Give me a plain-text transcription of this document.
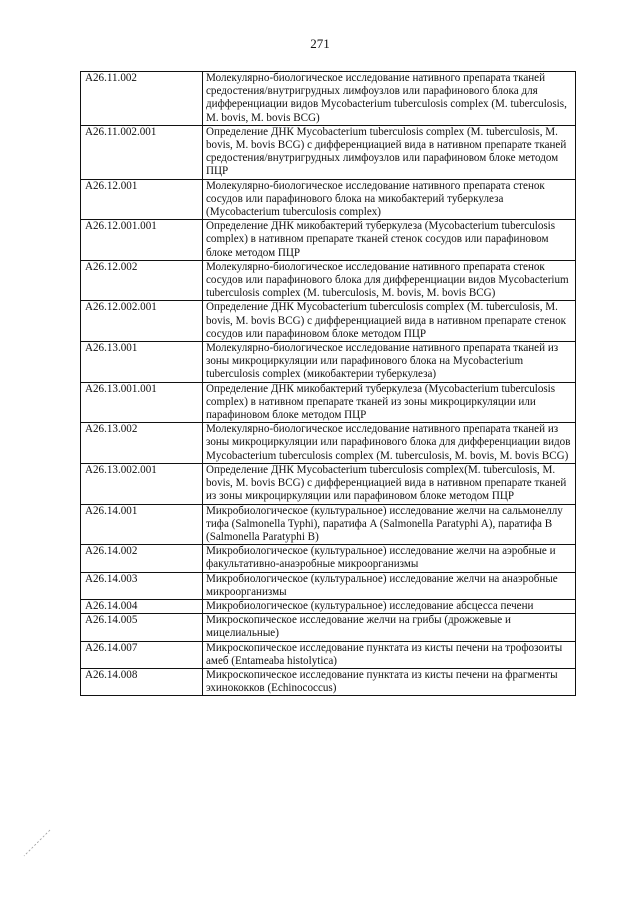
271
A26.11.002	Молекулярно-биологическое исследование нативного препарата тканей средостения/внутригрудных лимфоузлов или парафинового блока для дифференциации видов Mycobacterium tuberculosis complex (M. tuberculosis, M. bovis, M. bovis BCG)
A26.11.002.001	Определение ДНК Mycobacterium tuberculosis complex (M. tuberculosis, M. bovis, M. bovis BCG) с дифференциацией вида в нативном препарате тканей средостения/внутригрудных лимфоузлов или парафиновом блоке методом ПЦР
A26.12.001	Молекулярно-биологическое исследование нативного препарата стенок сосудов или парафинового блока на микобактерий туберкулеза (Mycobacterium tuberculosis complex)
A26.12.001.001	Определение ДНК микобактерий туберкулеза (Mycobacterium tuberculosis complex) в нативном препарате тканей стенок сосудов или парафиновом блоке методом ПЦР
A26.12.002	Молекулярно-биологическое исследование нативного препарата стенок сосудов или парафинового блока для дифференциации видов Mycobacterium tuberculosis complex (M. tuberculosis, M. bovis, M. bovis BCG)
A26.12.002.001	Определение ДНК Mycobacterium tuberculosis complex (M. tuberculosis, M. bovis, M. bovis BCG) с дифференциацией вида в нативном препарате стенок сосудов или парафиновом блоке методом ПЦР
A26.13.001	Молекулярно-биологическое исследование нативного препарата тканей из зоны микроциркуляции или парафинового блока на Mycobacterium tuberculosis complex (микобактерии туберкулеза)
A26.13.001.001	Определение ДНК микобактерий туберкулеза (Mycobacterium tuberculosis complex) в нативном препарате тканей из зоны микроциркуляции или парафиновом блоке методом ПЦР
A26.13.002	Молекулярно-биологическое исследование нативного препарата тканей из зоны микроциркуляции или парафинового блока для дифференциации видов Mycobacterium tuberculosis complex (M. tuberculosis, M. bovis, M. bovis BCG)
A26.13.002.001	Определение ДНК Mycobacterium tuberculosis complex(M. tuberculosis, M. bovis, M. bovis BCG) с дифференциацией вида в нативном препарате тканей из зоны микроциркуляции или парафиновом блоке методом ПЦР
A26.14.001	Микробиологическое (культуральное) исследование желчи на сальмонеллу тифа (Salmonella Typhi), паратифа A (Salmonella Paratyphi A), паратифа B (Salmonella Paratyphi B)
A26.14.002	Микробиологическое (культуральное) исследование желчи на аэробные и факультативно-анаэробные микроорганизмы
A26.14.003	Микробиологическое (культуральное) исследование желчи на анаэробные микроорганизмы
A26.14.004	Микробиологическое (культуральное) исследование абсцесса печени
A26.14.005	Микроскопическое исследование желчи на грибы (дрожжевые и мицелиальные)
A26.14.007	Микроскопическое исследование пунктата из кисты печени на трофозоиты амеб (Entameaba histolytica)
A26.14.008	Микроскопическое исследование пунктата из кисты печени на фрагменты эхинококков (Echinococcus)
